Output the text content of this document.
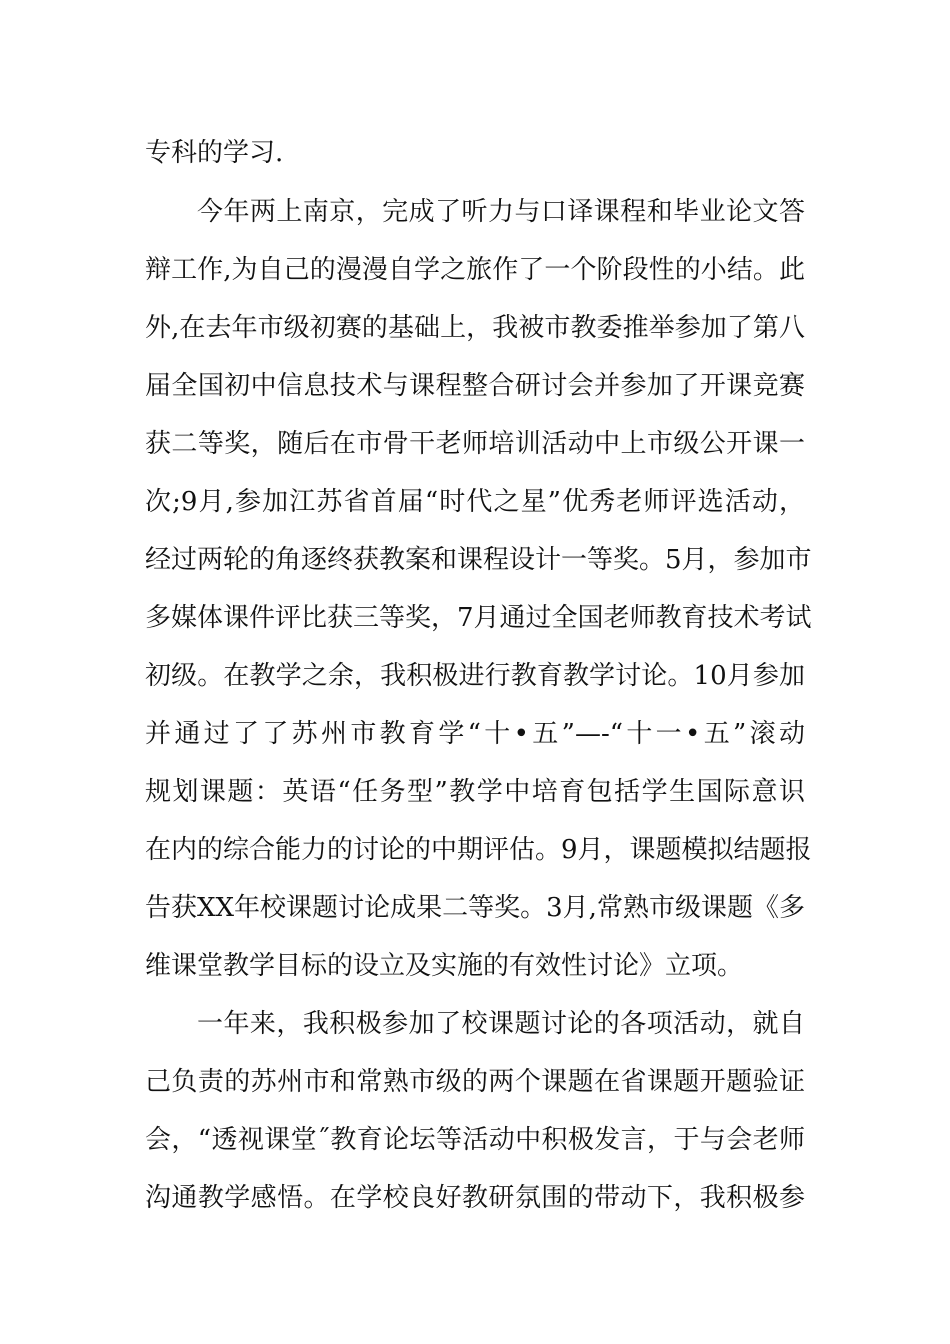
专科的学习.
今年两上南京，完成了听力与口译课程和毕业论文答
辩工作,为自己的漫漫自学之旅作了一个阶段性的小结。此
外,在去年市级初赛的基础上，我被市教委推举参加了第八
届全国初中信息技术与课程整合研讨会并参加了开课竞赛
获二等奖，随后在市骨干老师培训活动中上市级公开课一
次;9月,参加江苏省首届“时代之星”优秀老师评选活动，
经过两轮的角逐终获教案和课程设计一等奖。5月，参加市
多媒体课件评比获三等奖，7月通过全国老师教育技术考试
初级。在教学之余，我积极进行教育教学讨论。10月参加
并通过了了苏州市教育学“十•五”—-“十一•五”滚动
规划课题：英语“任务型”教学中培育包括学生国际意识
在内的综合能力的讨论的中期评估。9月，课题模拟结题报
告获XX年校课题讨论成果二等奖。3月,常熟市级课题《多
维课堂教学目标的设立及实施的有效性讨论》立项。
一年来，我积极参加了校课题讨论的各项活动，就自
己负责的苏州市和常熟市级的两个课题在省课题开题验证
会，“透视课堂˝教育论坛等活动中积极发言，于与会老师
沟通教学感悟。在学校良好教研氛围的带动下，我积极参
